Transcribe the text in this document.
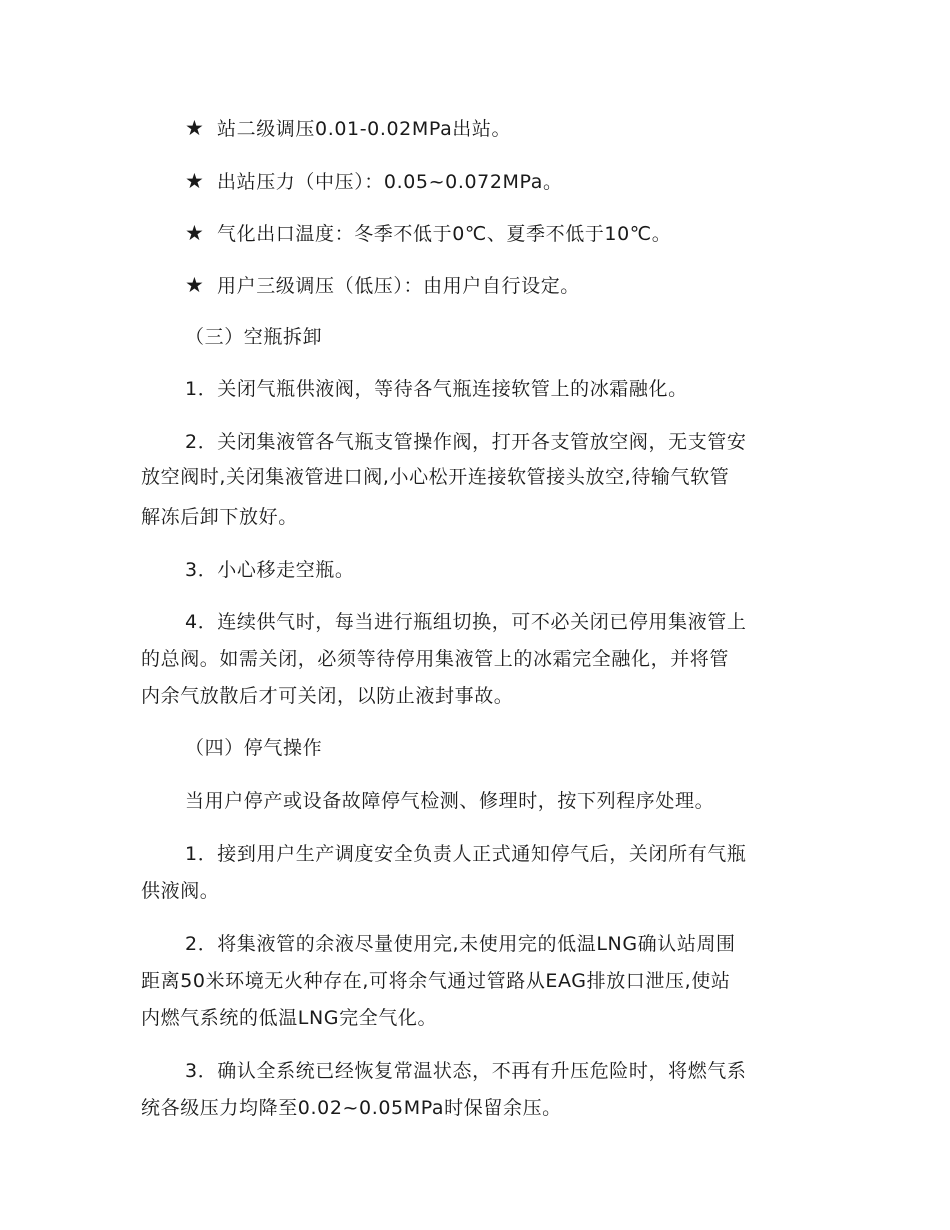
★ 站二级调压0.01-0.02MPa出站。
★ 出站压力（中压）：0.05~0.072MPa。
★ 气化出口温度：冬季不低于0℃、夏季不低于10℃。
★ 用户三级调压（低压）：由用户自行设定。
（三）空瓶拆卸
1．关闭气瓶供液阀，等待各气瓶连接软管上的冰霜融化。
2．关闭集液管各气瓶支管操作阀，打开各支管放空阀，无支管安
放空阀时,关闭集液管进口阀,小心松开连接软管接头放空,待输气软管
解冻后卸下放好。
3．小心移走空瓶。
4．连续供气时，每当进行瓶组切换，可不必关闭已停用集液管上
的总阀。如需关闭，必须等待停用集液管上的冰霜完全融化，并将管
内余气放散后才可关闭，以防止液封事故。
（四）停气操作
当用户停产或设备故障停气检测、修理时，按下列程序处理。
1．接到用户生产调度安全负责人正式通知停气后，关闭所有气瓶
供液阀。
2．将集液管的余液尽量使用完,未使用完的低温LNG确认站周围
距离50米环境无火种存在,可将余气通过管路从EAG排放口泄压,使站
内燃气系统的低温LNG完全气化。
3．确认全系统已经恢复常温状态，不再有升压危险时，将燃气系
统各级压力均降至0.02~0.05MPa时保留余压。
